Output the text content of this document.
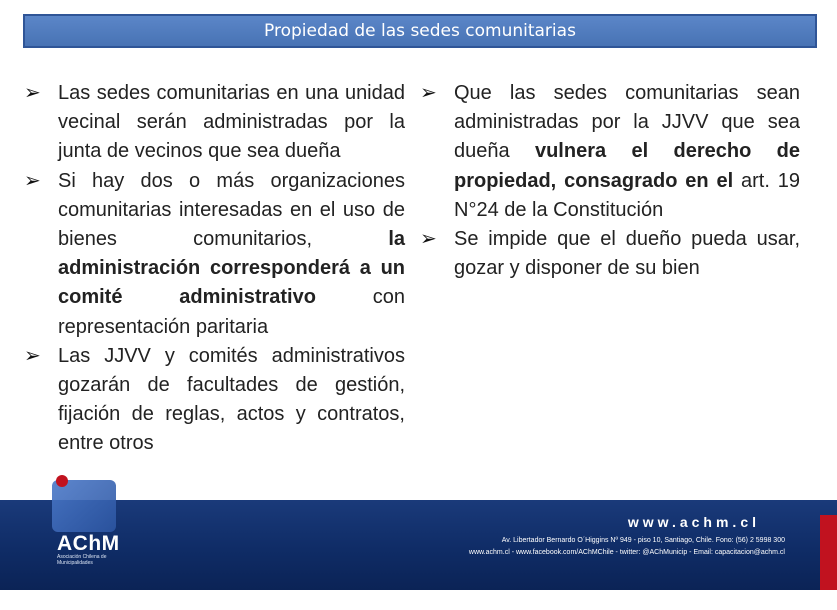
Propiedad de las sedes comunitarias
➢ Las sedes comunitarias en una unidad vecinal serán administradas por la junta de vecinos que sea dueña
➢ Si hay dos o más organizaciones comunitarias interesadas en el uso de bienes comunitarios, la administración corresponderá a un comité administrativo con representación paritaria
➢ Las JJVV y comités administrativos gozarán de facultades de gestión, fijación de reglas, actos y contratos, entre otros
➢ Que las sedes comunitarias sean administradas por la JJVV que sea dueña vulnera el derecho de propiedad, consagrado en el art. 19 N°24 de la Constitución
➢ Se impide que el dueño pueda usar, gozar y disponer de su bien
AChM
Asociación Chilena de Municipalidades
www.achm.cl
Av. Libertador Bernardo O´Higgins Nº 949 - piso 10, Santiago, Chile. Fono: (56) 2 5998 300
www.achm.cl - www.facebook.com/AChMChile - twitter: @AChMunicip - Email: capacitacion@achm.cl
